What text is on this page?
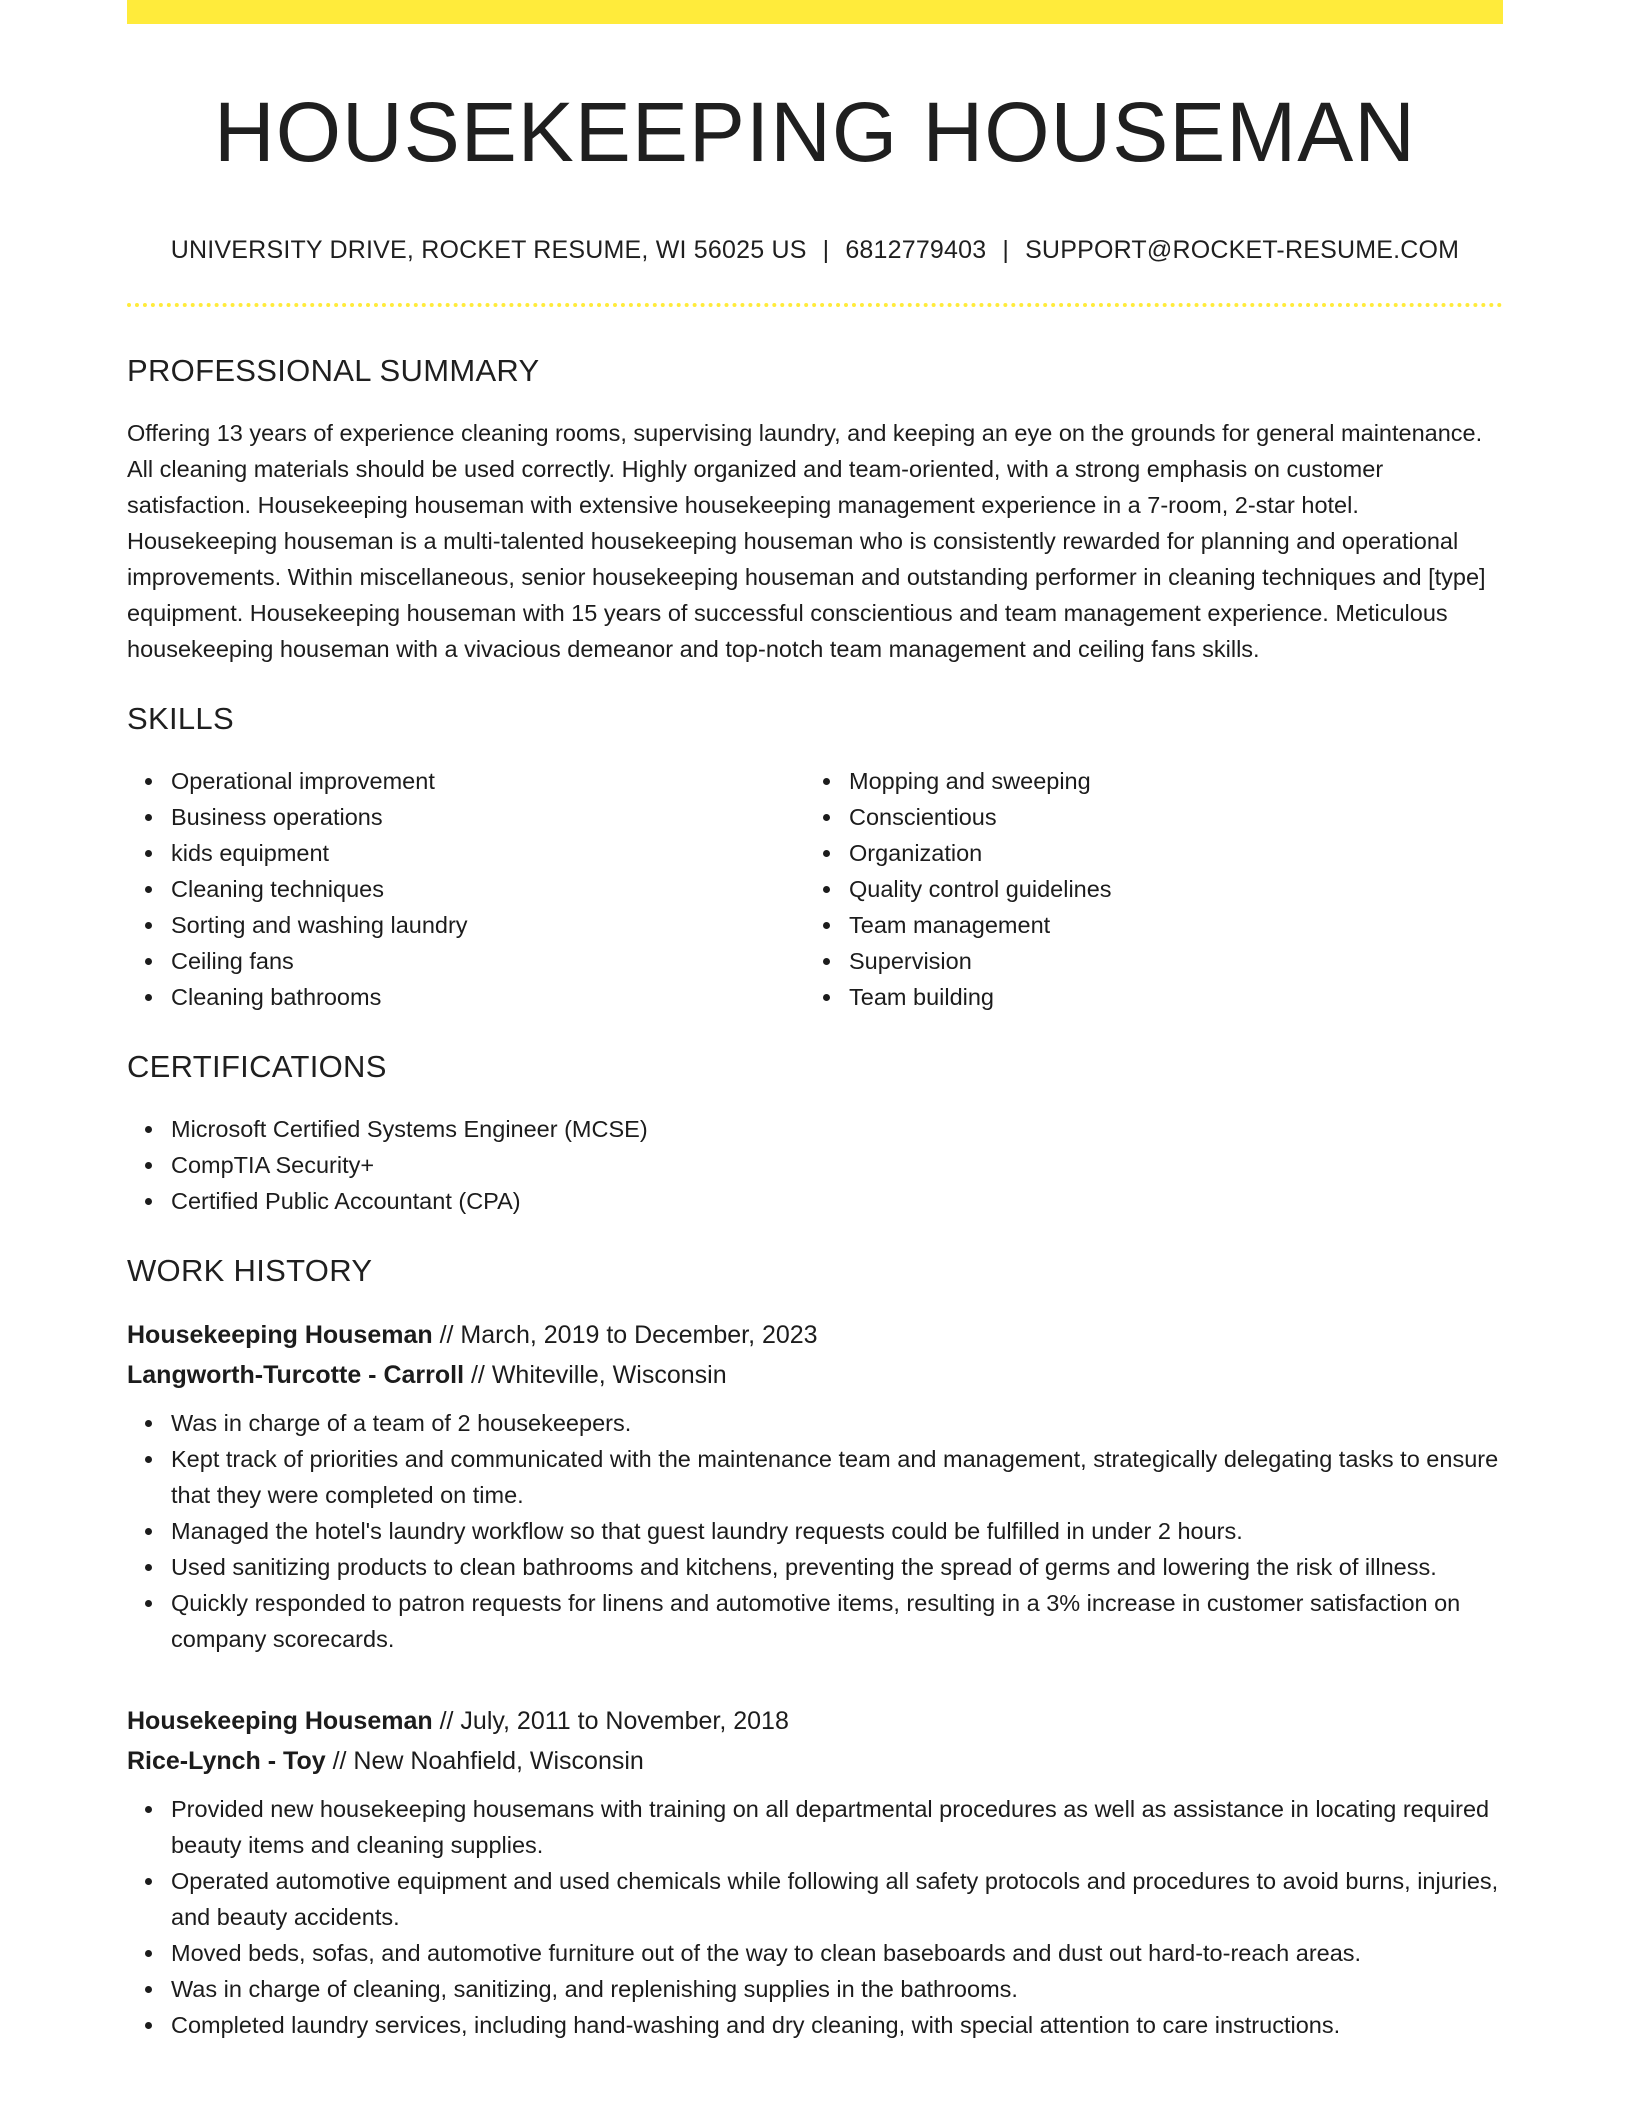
HOUSEKEEPING HOUSEMAN
UNIVERSITY DRIVE, ROCKET RESUME, WI 56025 US | 6812779403 | SUPPORT@ROCKET-RESUME.COM
PROFESSIONAL SUMMARY
Offering 13 years of experience cleaning rooms, supervising laundry, and keeping an eye on the grounds for general maintenance. All cleaning materials should be used correctly. Highly organized and team-oriented, with a strong emphasis on customer satisfaction. Housekeeping houseman with extensive housekeeping management experience in a 7-room, 2-star hotel. Housekeeping houseman is a multi-talented housekeeping houseman who is consistently rewarded for planning and operational improvements. Within miscellaneous, senior housekeeping houseman and outstanding performer in cleaning techniques and [type] equipment. Housekeeping houseman with 15 years of successful conscientious and team management experience. Meticulous housekeeping houseman with a vivacious demeanor and top-notch team management and ceiling fans skills.
SKILLS
Operational improvement
Business operations
kids equipment
Cleaning techniques
Sorting and washing laundry
Ceiling fans
Cleaning bathrooms
Mopping and sweeping
Conscientious
Organization
Quality control guidelines
Team management
Supervision
Team building
CERTIFICATIONS
Microsoft Certified Systems Engineer (MCSE)
CompTIA Security+
Certified Public Accountant (CPA)
WORK HISTORY
Housekeeping Houseman // March, 2019 to December, 2023
Langworth-Turcotte - Carroll // Whiteville, Wisconsin
Was in charge of a team of 2 housekeepers.
Kept track of priorities and communicated with the maintenance team and management, strategically delegating tasks to ensure that they were completed on time.
Managed the hotel's laundry workflow so that guest laundry requests could be fulfilled in under 2 hours.
Used sanitizing products to clean bathrooms and kitchens, preventing the spread of germs and lowering the risk of illness.
Quickly responded to patron requests for linens and automotive items, resulting in a 3% increase in customer satisfaction on company scorecards.
Housekeeping Houseman // July, 2011 to November, 2018
Rice-Lynch - Toy // New Noahfield, Wisconsin
Provided new housekeeping housemans with training on all departmental procedures as well as assistance in locating required beauty items and cleaning supplies.
Operated automotive equipment and used chemicals while following all safety protocols and procedures to avoid burns, injuries, and beauty accidents.
Moved beds, sofas, and automotive furniture out of the way to clean baseboards and dust out hard-to-reach areas.
Was in charge of cleaning, sanitizing, and replenishing supplies in the bathrooms.
Completed laundry services, including hand-washing and dry cleaning, with special attention to care instructions.
